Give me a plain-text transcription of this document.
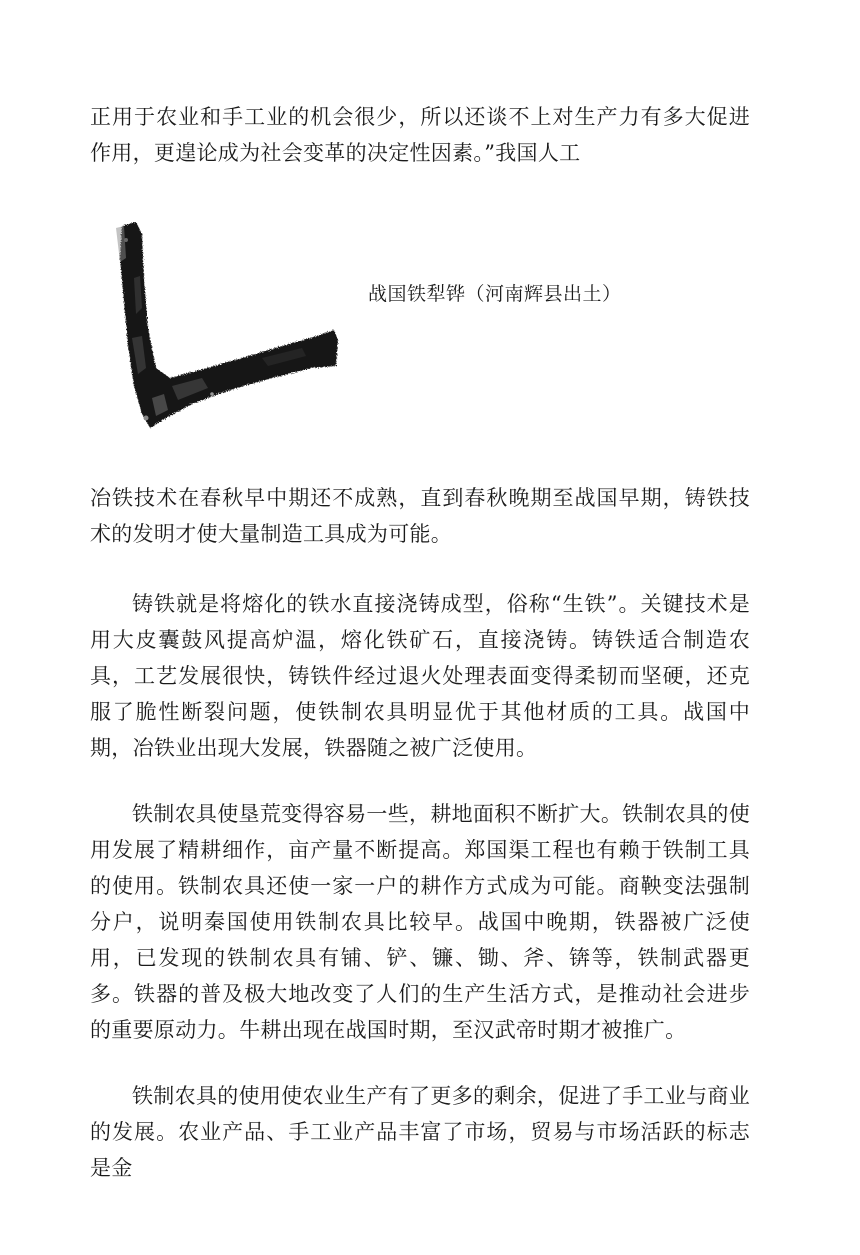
正用于农业和手工业的机会很少，所以还谈不上对生产力有多大促进作用，更遑论成为社会变革的决定性因素。”我国人工

战国铁犁铧（河南辉县出土）

冶铁技术在春秋早中期还不成熟，直到春秋晚期至战国早期，铸铁技术的发明才使大量制造工具成为可能。

铸铁就是将熔化的铁水直接浇铸成型，俗称“生铁”。关键技术是用大皮囊鼓风提高炉温，熔化铁矿石，直接浇铸。铸铁适合制造农具，工艺发展很快，铸铁件经过退火处理表面变得柔韧而坚硬，还克服了脆性断裂问题，使铁制农具明显优于其他材质的工具。战国中期，冶铁业出现大发展，铁器随之被广泛使用。

铁制农具使垦荒变得容易一些，耕地面积不断扩大。铁制农具的使用发展了精耕细作，亩产量不断提高。郑国渠工程也有赖于铁制工具的使用。铁制农具还使一家一户的耕作方式成为可能。商鞅变法强制分户，说明秦国使用铁制农具比较早。战国中晚期，铁器被广泛使用，已发现的铁制农具有铺、铲、镰、锄、斧、锛等，铁制武器更多。铁器的普及极大地改变了人们的生产生活方式，是推动社会进步的重要原动力。牛耕出现在战国时期，至汉武帝时期才被推广。

铁制农具的使用使农业生产有了更多的剩余，促进了手工业与商业的发展。农业产品、手工业产品丰富了市场，贸易与市场活跃的标志是金
